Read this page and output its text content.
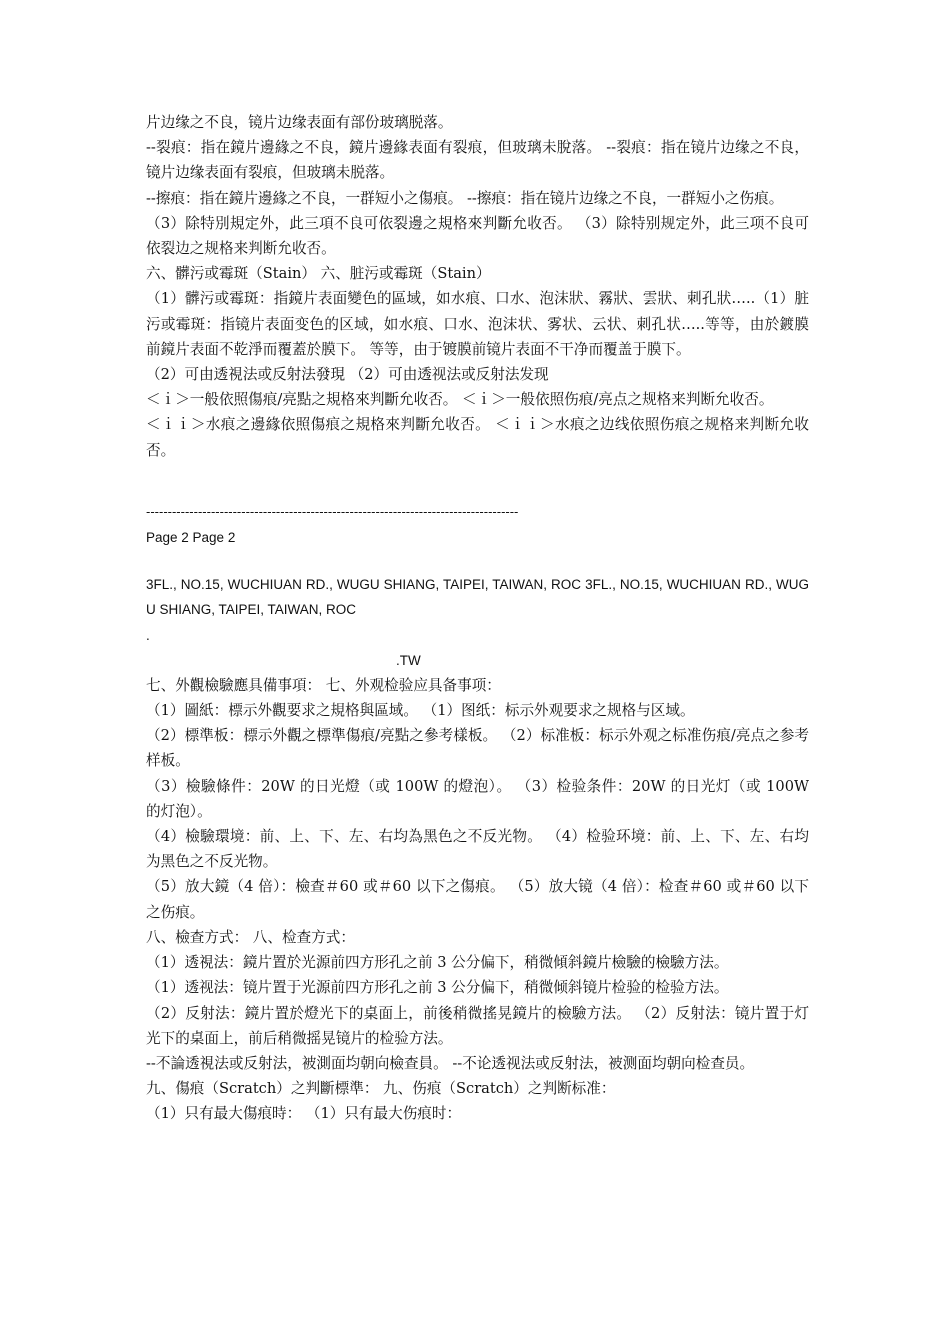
片边缘之不良，镜片边缘表面有部份玻璃脱落。

--裂痕：指在鏡片邊緣之不良，鏡片邊緣表面有裂痕，但玻璃未脫落。 --裂痕：指在镜片边缘之不良，镜片边缘表面有裂痕，但玻璃未脱落。

--擦痕：指在鏡片邊緣之不良，一群短小之傷痕。 --擦痕：指在镜片边缘之不良，一群短小之伤痕。

（3）除特別規定外，此三項不良可依裂邊之規格來判斷允收否。 （3）除特别规定外，此三项不良可依裂边之规格来判断允收否。

六、髒污或霉斑（Stain） 六、脏污或霉斑（Stain）

（1）髒污或霉斑：指鏡片表面變色的區域，如水痕、口水、泡沫狀、霧狀、雲狀、刺孔狀…..（1）脏污或霉斑：指镜片表面变色的区域，如水痕、口水、泡沫状、雾状、云状、刺孔状…..等等，由於鍍膜前鏡片表面不乾淨而覆蓋於膜下。 等等，由于镀膜前镜片表面不干净而覆盖于膜下。

（2）可由透視法或反射法發現 （2）可由透视法或反射法发现

＜ｉ＞一般依照傷痕/亮點之規格來判斷允收否。 ＜ｉ＞一般依照伤痕/亮点之规格来判断允收否。

＜ｉｉ＞水痕之邊緣依照傷痕之規格來判斷允收否。 ＜ｉｉ＞水痕之边线依照伤痕之规格来判断允收否。

--------------------------------------------------------------------------------------

Page 2 Page 2

3FL., NO.15, WUCHIUAN RD., WUGU SHIANG, TAIPEI, TAIWAN, ROC 3FL., NO.15, WUCHIUAN RD., WUGU SHIANG, TAIPEI, TAIWAN, ROC

.

.TW

七、外觀檢驗應具備事項： 七、外观检验应具备事项：

（1）圖紙：標示外觀要求之規格與區域。 （1）图纸：标示外观要求之规格与区域。

（2）標準板：標示外觀之標準傷痕/亮點之參考樣板。 （2）标准板：标示外观之标准伤痕/亮点之参考样板。

（3）檢驗條件：20W 的日光燈（或 100W 的燈泡）。 （3）检验条件：20W 的日光灯（或 100W 的灯泡）。

（4）檢驗環境：前、上、下、左、右均為黑色之不反光物。 （4）检验环境：前、上、下、左、右均为黑色之不反光物。

（5）放大鏡（4 倍）：檢查＃60 或＃60 以下之傷痕。 （5）放大镜（4 倍）：检查＃60 或＃60 以下之伤痕。

八、檢查方式： 八、检查方式：

（1）透視法：鏡片置於光源前四方形孔之前 3 公分偏下，稍微傾斜鏡片檢驗的檢驗方法。

（1）透视法：镜片置于光源前四方形孔之前 3 公分偏下，稍微倾斜镜片检验的检验方法。

（2）反射法：鏡片置於燈光下的桌面上，前後稍微搖晃鏡片的檢驗方法。 （2）反射法：镜片置于灯光下的桌面上，前后稍微摇晃镜片的检验方法。

--不論透視法或反射法，被測面均朝向檢查員。 --不论透视法或反射法，被测面均朝向检查员。

九、傷痕（Scratch）之判斷標準： 九、伤痕（Scratch）之判断标准：

（1）只有最大傷痕時： （1）只有最大伤痕时：
